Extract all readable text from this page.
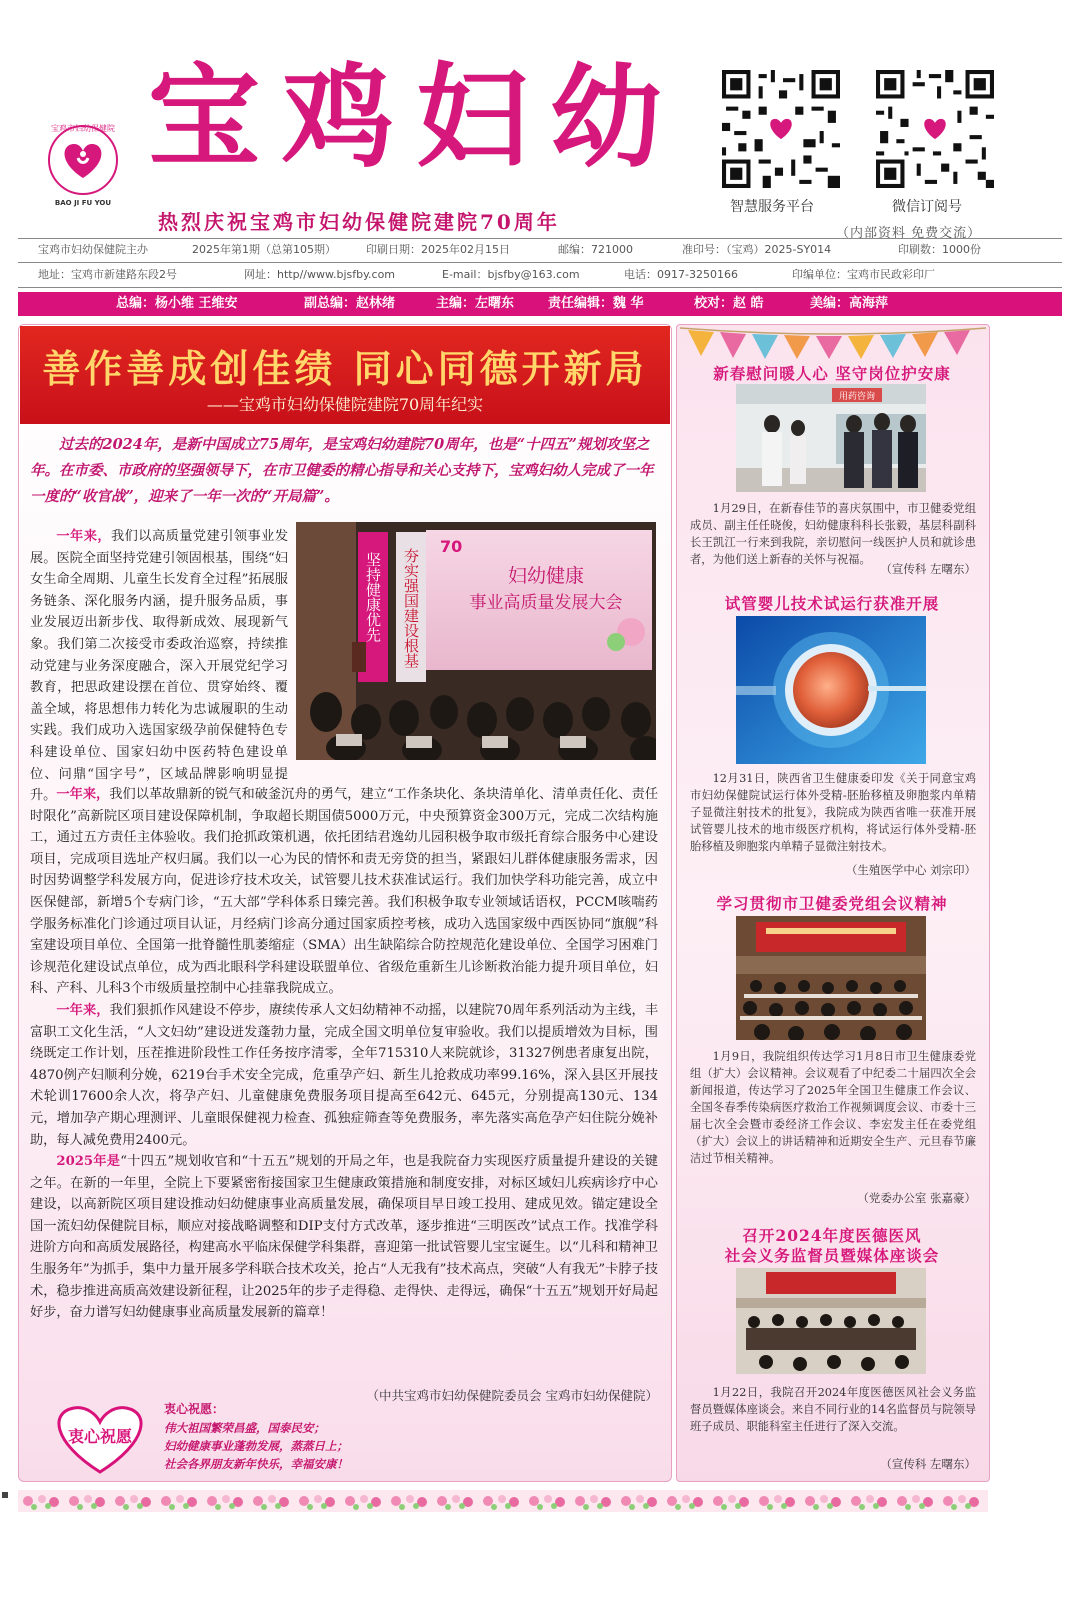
宝鸡市妇幼保健院
BAO JI FU YOU
宝鸡妇幼
热烈庆祝宝鸡市妇幼保健院建院70周年
智慧服务平台	微信订阅号
（内部资料 免费交流）
宝鸡市妇幼保健院主办	2025年第1期（总第105期）	印刷日期：2025年02月15日	邮编：721000	准印号：（宝鸡）2025-SY014	印刷数：1000份
地址：宝鸡市新建路东段2号	网址：http//www.bjsfby.com	E-mail：bjsfby@163.com	电话：0917-3250166	印编单位：宝鸡市民政彩印厂
总编：杨小维 王维安	副总编：赵林绪	主编：左曙东	责任编辑：魏 华	校对：赵 皓	美编：高海萍
善作善成创佳绩 同心同德开新局
——宝鸡市妇幼保健院建院70周年纪实
过去的2024年，是新中国成立75周年，是宝鸡妇幼建院70周年，也是“十四五”规划攻坚之年。在市委、市政府的坚强领导下，在市卫健委的精心指导和关心支持下，宝鸡妇幼人完成了一年一度的“收官战”，迎来了一年一次的“开局篇”。
一年来，我们以高质量党建引领事业发展。医院全面坚持党建引领固根基，围绕“妇女生命全周期、儿童生长发育全过程”拓展服务链条、深化服务内涵，提升服务品质，事业发展迈出新步伐、取得新成效、展现新气象。我们第二次接受市委政治巡察，持续推动党建与业务深度融合，深入开展党纪学习教育，把思政建设摆在首位、贯穿始终、覆盖全域，将思想伟力转化为忠诚履职的生动实践。我们成功入选国家级孕前保健特色专科建设单位、国家妇幼中医药特色建设单位、问鼎“国字号”，区域品牌影响明显提升。
坚持健康优先 夯实强国建设根基	妇幼健康
事业高质量发展大会
70
一年来，我们以革故鼎新的锐气和破釜沉舟的勇气，建立“工作条块化、条块清单化、清单责任化、责任时限化”高新院区项目建设保障机制，争取超长期国债5000万元，中央预算资金300万元，完成二次结构施工，通过五方责任主体验收。我们抢抓政策机遇，依托团结君逸幼儿园积极争取市级托育综合服务中心建设项目，完成项目选址产权归属。我们以一心为民的情怀和责无旁贷的担当，紧跟妇儿群体健康服务需求，因时因势调整学科发展方向，促进诊疗技术攻关，试管婴儿技术获准试运行。我们加快学科功能完善，成立中医保健部，新增5个专病门诊，“五大部”学科体系日臻完善。我们积极争取专业领域话语权，PCCM咳喘药学服务标准化门诊通过项目认证，月经病门诊高分通过国家质控考核，成功入选国家级中西医协同“旗舰”科室建设项目单位、全国第一批脊髓性肌萎缩症（SMA）出生缺陷综合防控规范化建设单位、全国学习困难门诊规范化建设试点单位，成为西北眼科学科建设联盟单位、省级危重新生儿诊断救治能力提升项目单位，妇科、产科、儿科3个市级质量控制中心挂靠我院成立。
一年来，我们狠抓作风建设不停步，赓续传承人文妇幼精神不动摇，以建院70周年系列活动为主线，丰富职工文化生活，“人文妇幼”建设迸发蓬勃力量，完成全国文明单位复审验收。我们以提质增效为目标，围绕既定工作计划，压茬推进阶段性工作任务按序清零，全年715310人来院就诊，31327例患者康复出院，4870例产妇顺利分娩，6219台手术安全完成，危重孕产妇、新生儿抢救成功率99.16%，深入县区开展技术轮训17600余人次，将孕产妇、儿童健康免费服务项目提高至642元、645元，分别提高130元、134元，增加孕产期心理测评、儿童眼保健视力检查、孤独症筛查等免费服务，率先落实高危孕产妇住院分娩补助，每人减免费用2400元。
2025年是“十四五”规划收官和“十五五”规划的开局之年，也是我院奋力实现医疗质量提升建设的关键之年。在新的一年里，全院上下要紧密衔接国家卫生健康政策措施和制度安排，对标区域妇儿疾病诊疗中心建设，以高新院区项目建设推动妇幼健康事业高质量发展，确保项目早日竣工投用、建成见效。锚定建设全国一流妇幼保健院目标，顺应对接战略调整和DIP支付方式改革，逐步推进“三明医改”试点工作。找准学科进阶方向和高质发展路径，构建高水平临床保健学科集群，喜迎第一批试管婴儿宝宝诞生。以“儿科和精神卫生服务年”为抓手，集中力量开展多学科联合技术攻关，抢占“人无我有”技术高点，突破“人有我无”卡脖子技术，稳步推进高质高效建设新征程，让2025年的步子走得稳、走得快、走得远，确保“十五五”规划开好局起好步，奋力谱写妇幼健康事业高质量发展新的篇章！
（中共宝鸡市妇幼保健院委员会 宝鸡市妇幼保健院）
衷心祝愿
衷心祝愿：
伟大祖国繁荣昌盛，国泰民安；
妇幼健康事业蓬勃发展，蒸蒸日上；
社会各界朋友新年快乐，幸福安康！
新春慰问暖人心 坚守岗位护安康
用药咨询
1月29日，在新春佳节的喜庆氛围中，市卫健委党组成员、副主任任晓俊，妇幼健康科科长张毅，基层科副科长王凯江一行来到我院，亲切慰问一线医护人员和就诊患者，为他们送上新春的关怀与祝福。
（宣传科 左曙东）
试管婴儿技术试运行获准开展
12月31日，陕西省卫生健康委印发《关于同意宝鸡市妇幼保健院试运行体外受精-胚胎移植及卵胞浆内单精子显微注射技术的批复》，我院成为陕西省唯一获准开展试管婴儿技术的地市级医疗机构，将试运行体外受精-胚胎移植及卵胞浆内单精子显微注射技术。
（生殖医学中心 刘宗印）
学习贯彻市卫健委党组会议精神
1月9日，我院组织传达学习1月8日市卫生健康委党组（扩大）会议精神。会议观看了中纪委二十届四次全会新闻报道，传达学习了2025年全国卫生健康工作会议、全国冬春季传染病医疗救治工作视频调度会议、市委十三届七次全会暨市委经济工作会议、李宏发主任在委党组（扩大）会议上的讲话精神和近期安全生产、元旦春节廉洁过节相关精神。
（党委办公室 张嘉豪）
召开2024年度医德医风
社会义务监督员暨媒体座谈会
1月22日，我院召开2024年度医德医风社会义务监督员暨媒体座谈会。来自不同行业的14名监督员与院领导班子成员、职能科室主任进行了深入交流。
（宣传科 左曙东）
